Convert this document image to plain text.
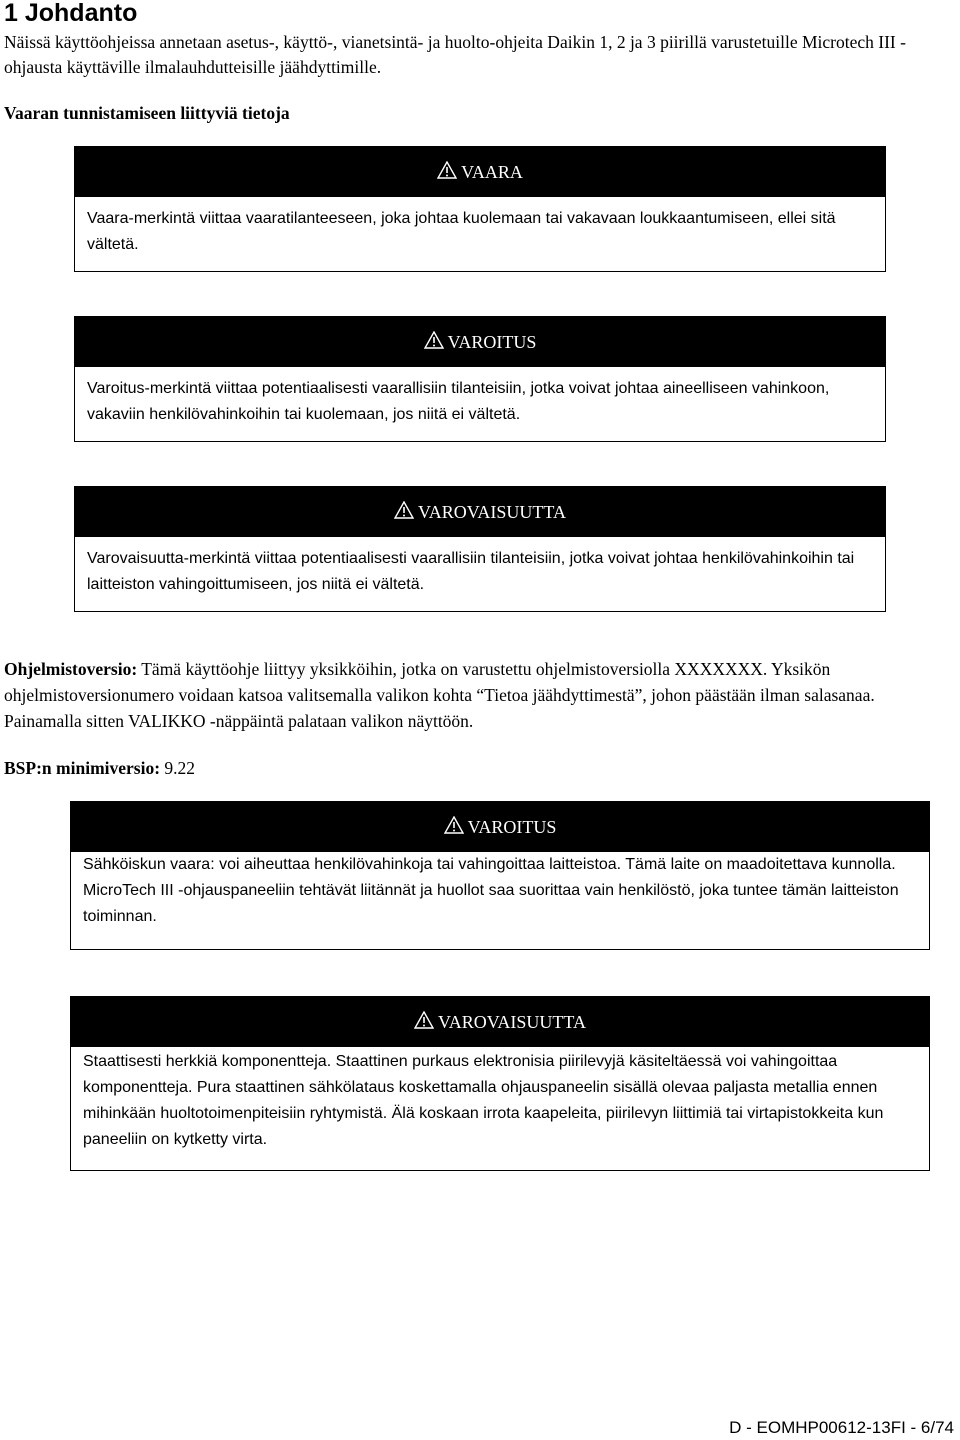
1 Johdanto

Näissä käyttöohjeissa annetaan asetus-, käyttö-, vianetsintä- ja huolto-ohjeita Daikin 1, 2 ja 3 piirillä varustetuille Microtech III -ohjausta käyttäville ilmalauhdutteisille jäähdyttimille.

Vaaran tunnistamiseen liittyviä tietoja

VAARA

Vaara-merkintä viittaa vaaratilanteeseen, joka johtaa kuolemaan tai vakavaan loukkaantumiseen, ellei sitä vältetä.

VAROITUS

Varoitus-merkintä viittaa potentiaalisesti vaarallisiin tilanteisiin, jotka voivat johtaa aineelliseen vahinkoon, vakaviin henkilövahinkoihin tai kuolemaan, jos niitä ei vältetä.

VAROVAISUUTTA

Varovaisuutta-merkintä viittaa potentiaalisesti vaarallisiin tilanteisiin, jotka voivat johtaa henkilövahinkoihin tai laitteiston vahingoittumiseen, jos niitä ei vältetä.

Ohjelmistoversio: Tämä käyttöohje liittyy yksikköihin, jotka on varustettu ohjelmistoversiolla XXXXXXX. Yksikön ohjelmistoversionumero voidaan katsoa valitsemalla valikon kohta “Tietoa jäähdyttimestä”, johon päästään ilman salasanaa. Painamalla sitten VALIKKO -näppäintä palataan valikon näyttöön.

BSP:n minimiversio: 9.22

VAROITUS

Sähköiskun vaara: voi aiheuttaa henkilövahinkoja tai vahingoittaa laitteistoa. Tämä laite on maadoitettava kunnolla. MicroTech III -ohjauspaneeliin tehtävät liitännät ja huollot saa suorittaa vain henkilöstö, joka tuntee tämän laitteiston toiminnan.

VAROVAISUUTTA

Staattisesti herkkiä komponentteja. Staattinen purkaus elektronisia piirilevyjä käsiteltäessä voi vahingoittaa komponentteja. Pura staattinen sähkölataus koskettamalla ohjauspaneelin sisällä olevaa paljasta metallia ennen mihinkään huoltotoimenpiteisiin ryhtymistä. Älä koskaan irrota kaapeleita, piirilevyn liittimiä tai virtapistokkeita kun paneeliin on kytketty virta.

D - EOMHP00612-13FI - 6/74
